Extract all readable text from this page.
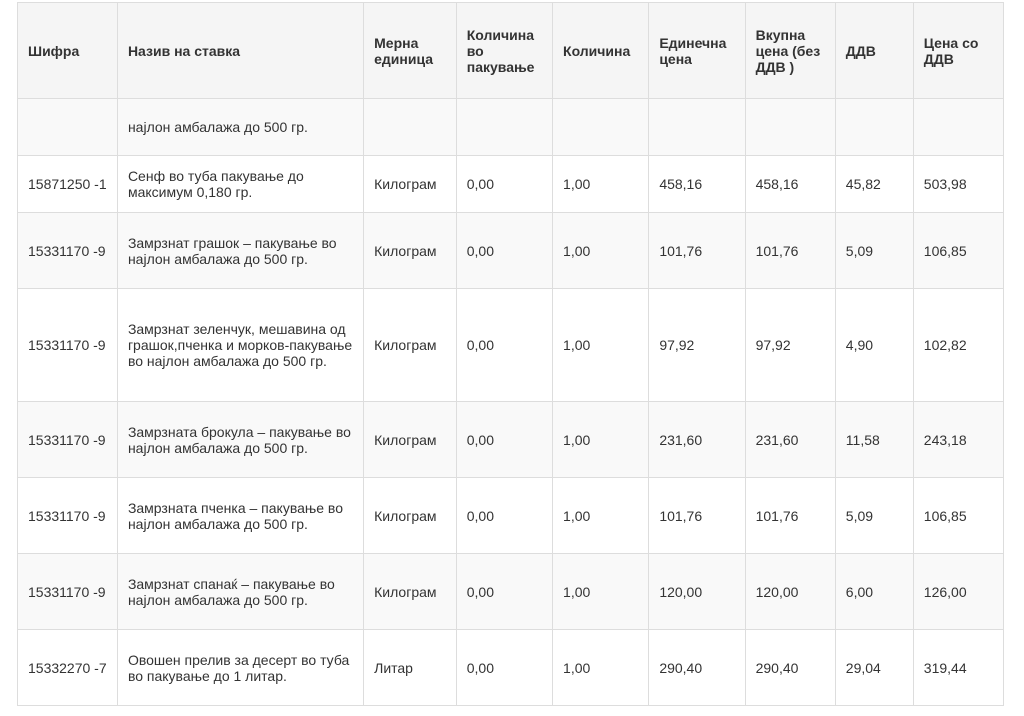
Шифра	Назив на ставка	Мерна единица	Количина во пакување	Количина	Единечна цена	Вкупна цена (без ДДВ )	ДДВ	Цена со ДДВ
	најлон амбалажа до 500 гр.							
15871250 -1	Сенф во туба пакување до максимум 0,180 гр.	Килограм	0,00	1,00	458,16	458,16	45,82	503,98
15331170 -9	Замрзнат грашок – пакување во најлон амбалажа до 500 гр.	Килограм	0,00	1,00	101,76	101,76	5,09	106,85
15331170 -9	Замрзнат зеленчук, мешавина од грашок,пченка и морков-пакување во најлон амбалажа до 500 гр.	Килограм	0,00	1,00	97,92	97,92	4,90	102,82
15331170 -9	Замрзната брокула – пакување во најлон амбалажа до 500 гр.	Килограм	0,00	1,00	231,60	231,60	11,58	243,18
15331170 -9	Замрзната пченка – пакување во најлон амбалажа до 500 гр.	Килограм	0,00	1,00	101,76	101,76	5,09	106,85
15331170 -9	Замрзнат спанаќ – пакување во најлон амбалажа до 500 гр.	Килограм	0,00	1,00	120,00	120,00	6,00	126,00
15332270 -7	Овошен прелив за десерт во туба во пакување до 1 литар.	Литар	0,00	1,00	290,40	290,40	29,04	319,44
